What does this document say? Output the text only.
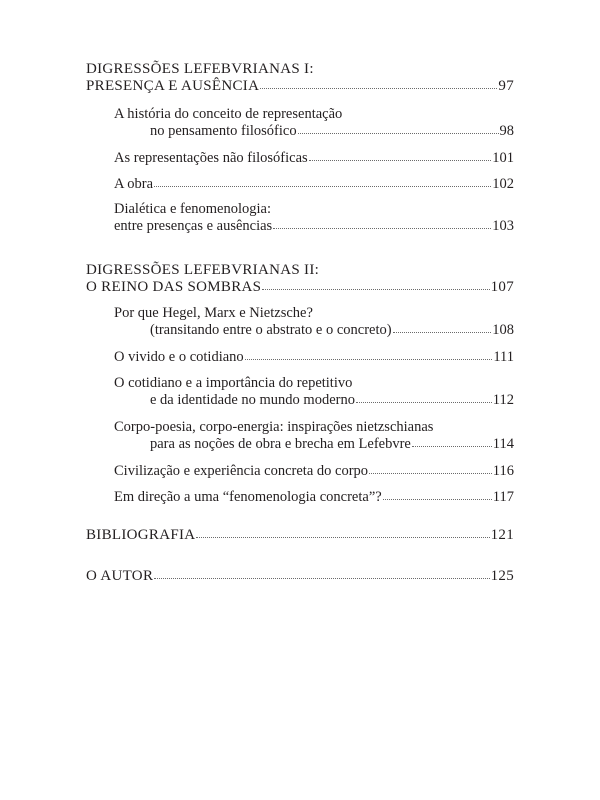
DIGRESSÕES LEFEBVRIANAS I:
PRESENÇA E AUSÊNCIA	97
A história do conceito de representação
no pensamento filosófico	98
As representações não filosóficas	101
A obra	102
Dialética e fenomenologia:
entre presenças e ausências	103
DIGRESSÕES LEFEBVRIANAS II:
O REINO DAS SOMBRAS	107
Por que Hegel, Marx e Nietzsche?
(transitando entre o abstrato e o concreto)	108
O vivido e o cotidiano	111
O cotidiano e a importância do repetitivo
e da identidade no mundo moderno	112
Corpo-poesia, corpo-energia: inspirações nietzschianas
para as noções de obra e brecha em Lefebvre	114
Civilização e experiência concreta do corpo	116
Em direção a uma “fenomenologia concreta”?	117
BIBLIOGRAFIA	121
O AUTOR	125
